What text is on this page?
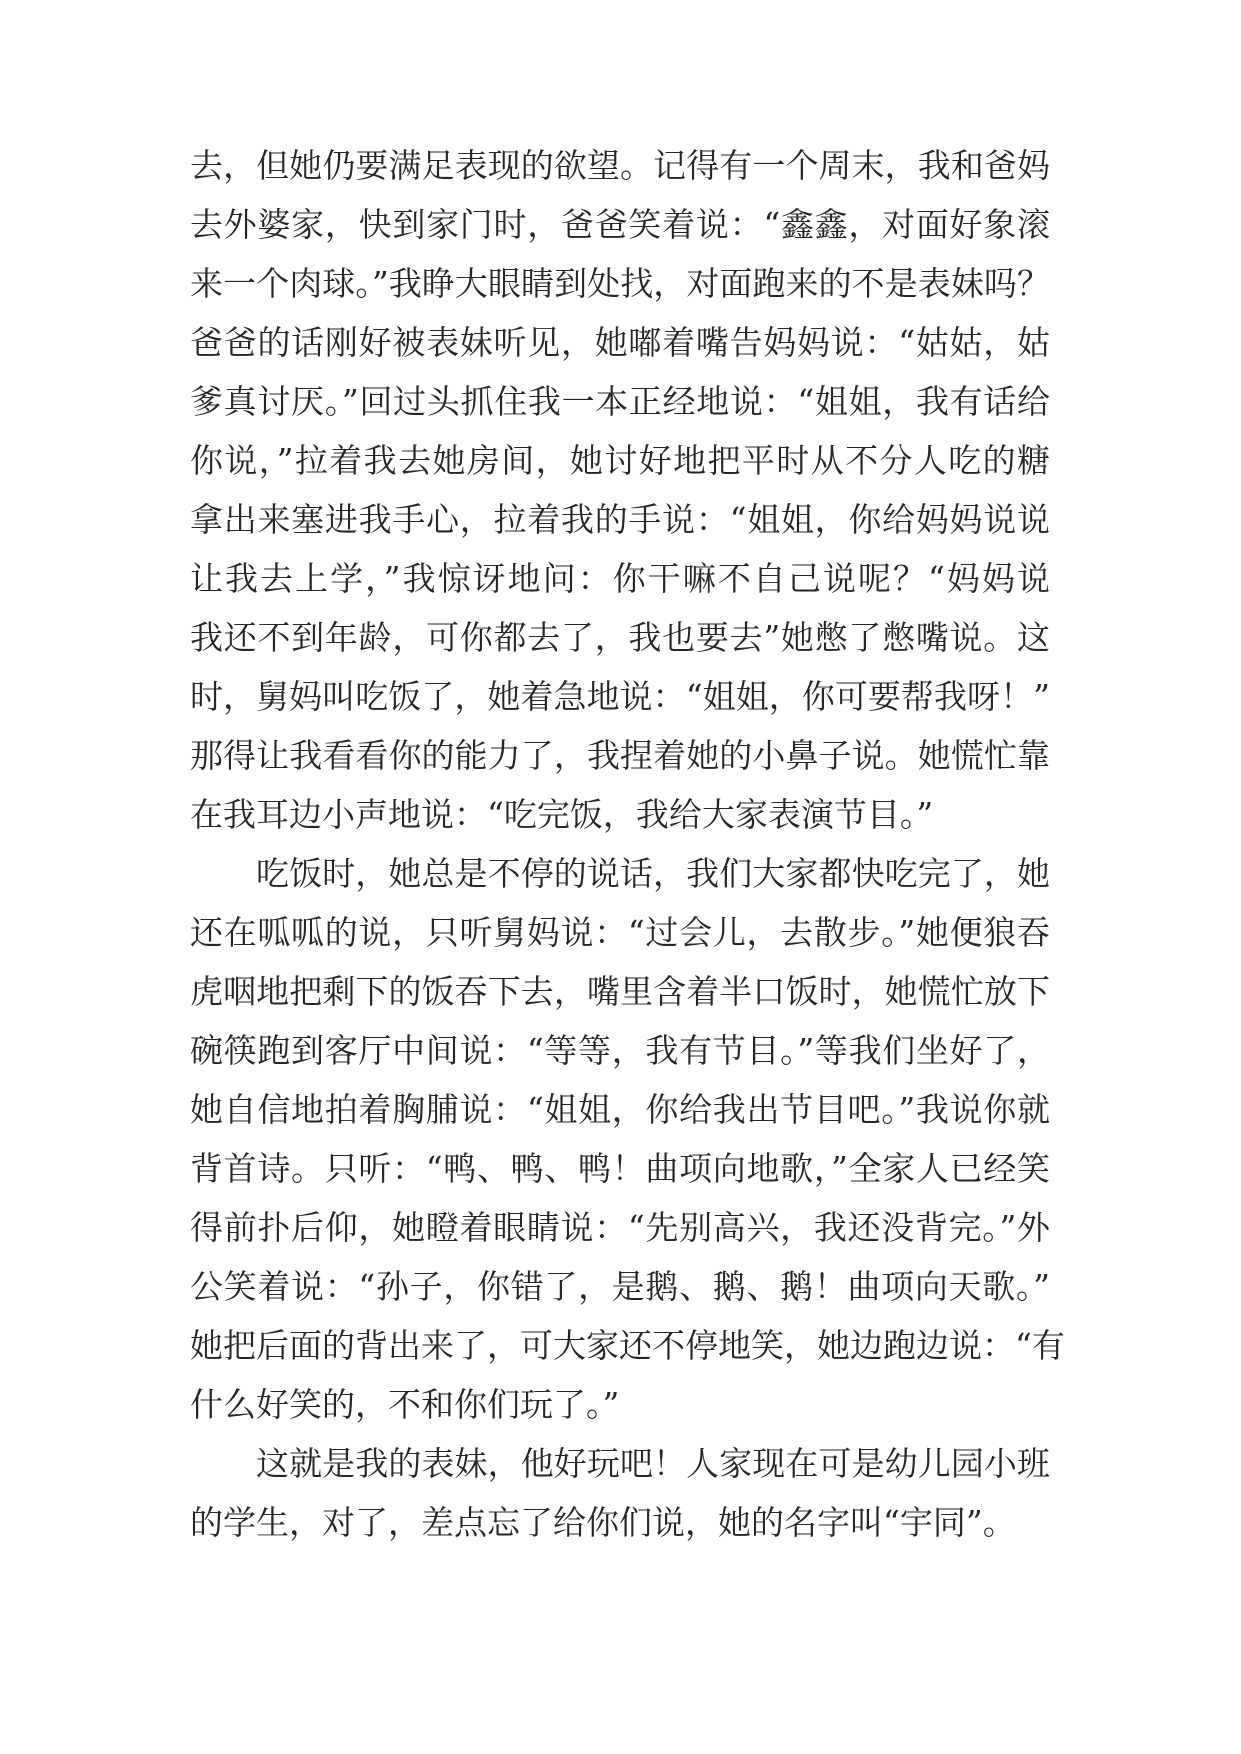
去，但她仍要满足表现的欲望。记得有一个周末，我和爸妈
去外婆家，快到家门时，爸爸笑着说：“鑫鑫，对面好象滚
来一个肉球。”我睁大眼睛到处找，对面跑来的不是表妹吗？
爸爸的话刚好被表妹听见，她嘟着嘴告妈妈说：“姑姑，姑
爹真讨厌。”回过头抓住我一本正经地说：“姐姐，我有话给
你说，”拉着我去她房间，她讨好地把平时从不分人吃的糖
拿出来塞进我手心，拉着我的手说：“姐姐，你给妈妈说说
让我去上学，”我惊讶地问：你干嘛不自己说呢？“妈妈说
我还不到年龄，可你都去了，我也要去”她憋了憋嘴说。这
时，舅妈叫吃饭了，她着急地说：“姐姐，你可要帮我呀！”
那得让我看看你的能力了，我捏着她的小鼻子说。她慌忙靠
在我耳边小声地说：“吃完饭，我给大家表演节目。”
吃饭时，她总是不停的说话，我们大家都快吃完了，她
还在呱呱的说，只听舅妈说：“过会儿，去散步。”她便狼吞
虎咽地把剩下的饭吞下去，嘴里含着半口饭时，她慌忙放下
碗筷跑到客厅中间说：“等等，我有节目。”等我们坐好了，
她自信地拍着胸脯说：“姐姐，你给我出节目吧。”我说你就
背首诗。只听：“鸭、鸭、鸭！曲项向地歌，”全家人已经笑
得前扑后仰，她瞪着眼睛说：“先别高兴，我还没背完。”外
公笑着说：“孙子，你错了，是鹅、鹅、鹅！曲项向天歌。”
她把后面的背出来了，可大家还不停地笑，她边跑边说：“有
什么好笑的，不和你们玩了。”
这就是我的表妹，他好玩吧！人家现在可是幼儿园小班
的学生，对了，差点忘了给你们说，她的名字叫“宇同”。
